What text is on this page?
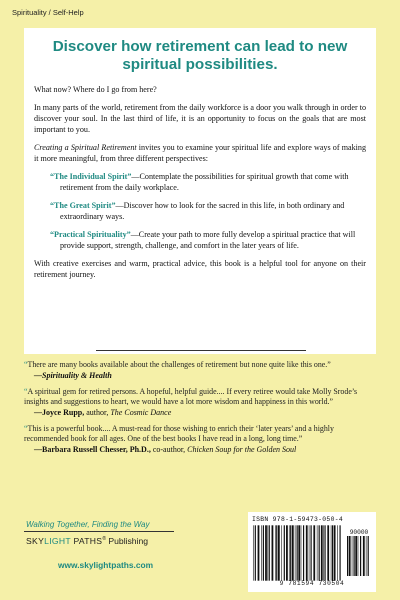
Spirituality / Self-Help
Discover how retirement can lead to new spiritual possibilities.

What now? Where do I go from here?

In many parts of the world, retirement from the daily workforce is a door you walk through in order to discover your soul. In the last third of life, it is an opportunity to focus on the goals that are most important to you.

Creating a Spiritual Retirement invites you to examine your spiritual life and explore ways of making it more meaningful, from three different perspectives:

“The Individual Spirit”—Contemplate the possibilities for spiritual growth that come with retirement from the daily workplace.

“The Great Spirit”—Discover how to look for the sacred in this life, in both ordinary and extraordinary ways.

“Practical Spirituality”—Create your path to more fully develop a spiritual practice that will provide support, strength, challenge, and comfort in the later years of life.

With creative exercises and warm, practical advice, this book is a helpful tool for anyone on their retirement journey.

“There are many books available about the challenges of retirement but none quite like this one.”

—Spirituality & Health

“A spiritual gem for retired persons. A hopeful, helpful guide.... If every retiree would take Molly Srode’s insights and suggestions to heart, we would have a lot more wisdom and happiness in this world.”

—Joyce Rupp, author, The Cosmic Dance

“This is a powerful book.... A must-read for those wishing to enrich their ‘later years’ and a highly recommended book for all ages. One of the best books I have read in a long, long time.”

—Barbara Russell Chesser, Ph.D., co-author, Chicken Soup for the Golden Soul

Walking Together, Finding the Way
SKYLIGHT PATHS® Publishing
www.skylightpaths.com
ISBN 978-1-59473-050-4
90000
9 781594 730504
